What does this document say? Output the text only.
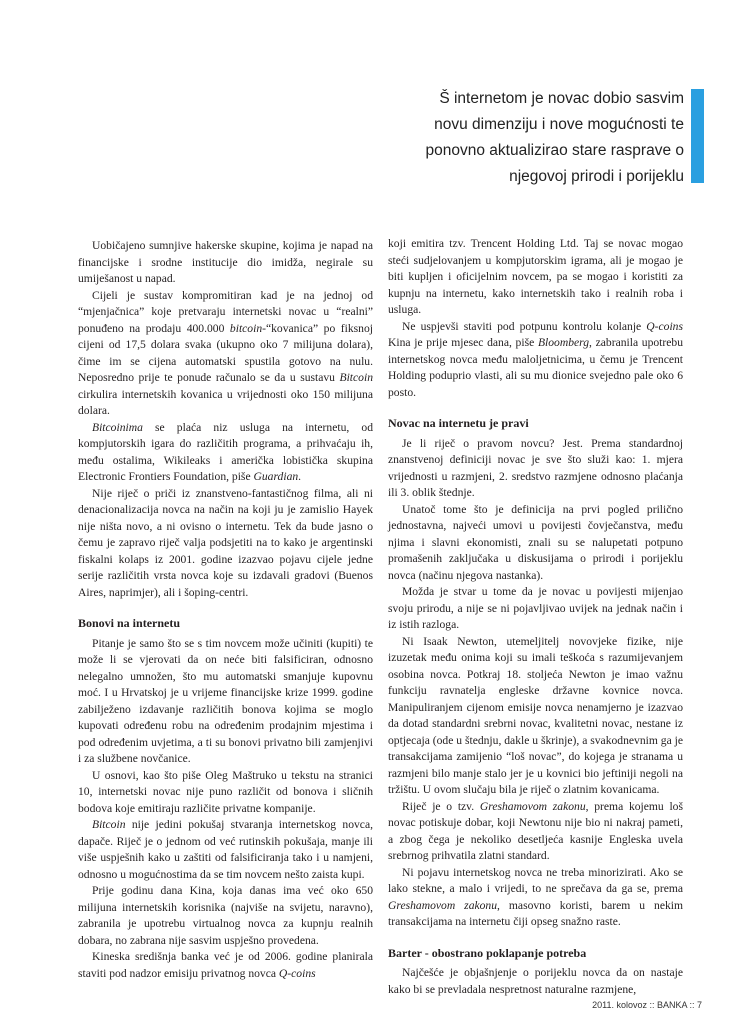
Š internetom je novac dobio sasvim
novu dimenziju i nove mogućnosti te
ponovno aktualizirao stare rasprave o
njegovoj prirodi i porijeklu

Uobičajeno sumnjive hakerske skupine, kojima je napad na financijske i srodne institucije dio imidža, negirale su umiješanost u napad.

Cijeli je sustav kompromitiran kad je na jednoj od “mjenjačnica” koje pretvaraju internetski novac u “realni” ponuđeno na prodaju 400.000 bitcoin-“kovanica” po fiksnoj cijeni od 17,5 dolara svaka (ukupno oko 7 milijuna dolara), čime im se cijena automatski spustila gotovo na nulu. Neposredno prije te ponude računalo se da u sustavu Bitcoin cirkulira internetskih kovanica u vrijednosti oko 150 milijuna dolara.

Bitcoinima se plaća niz usluga na internetu, od kompjutorskih igara do različitih programa, a prihvaćaju ih, među ostalima, Wikileaks i američka lobistička skupina Electronic Frontiers Foundation, piše Guardian.

Nije riječ o priči iz znanstveno-fantastičnog filma, ali ni denacionalizacija novca na način na koji ju je zamislio Hayek nije ništa novo, a ni ovisno o internetu. Tek da bude jasno o čemu je zapravo riječ valja podsjetiti na to kako je argentinski fiskalni kolaps iz 2001. godine izazvao pojavu cijele jedne serije različitih vrsta novca koje su izdavali gradovi (Buenos Aires, naprimjer), ali i šoping-centri.

Bonovi na internetu

Pitanje je samo što se s tim novcem može učiniti (kupiti) te može li se vjerovati da on neće biti falsificiran, odnosno nelegalno umnožen, što mu automatski smanjuje kupovnu moć. I u Hrvatskoj je u vrijeme financijske krize 1999. godine zabilježeno izdavanje različitih bonova kojima se moglo kupovati određenu robu na određenim prodajnim mjestima i pod određenim uvjetima, a ti su bonovi privatno bili zamjenjivi i za službene novčanice.

U osnovi, kao što piše Oleg Maštruko u tekstu na stranici 10, internetski novac nije puno različit od bonova i sličnih bodova koje emitiraju različite privatne kompanije.

Bitcoin nije jedini pokušaj stvaranja internetskog novca, dapače. Riječ je o jednom od već rutinskih pokušaja, manje ili više uspješnih kako u zaštiti od falsificiranja tako i u namjeni, odnosno u mogućnostima da se tim novcem nešto zaista kupi.

Prije godinu dana Kina, koja danas ima već oko 650 milijuna internetskih korisnika (najviše na svijetu, naravno), zabranila je upotrebu virtualnog novca za kupnju realnih dobara, no zabrana nije sasvim uspješno provedena.

Kineska središnja banka već je od 2006. godine planirala staviti pod nadzor emisiju privatnog novca Q-coins

koji emitira tzv. Trencent Holding Ltd. Taj se novac mogao steći sudjelovanjem u kompjutorskim igrama, ali je mogao je biti kupljen i oficijelnim novcem, pa se mogao i koristiti za kupnju na internetu, kako internetskih tako i realnih roba i usluga.

Ne uspjevši staviti pod potpunu kontrolu kolanje Q-coins Kina je prije mjesec dana, piše Bloomberg, zabranila upotrebu internetskog novca među maloljetnicima, u čemu je Trencent Holding poduprio vlasti, ali su mu dionice svejedno pale oko 6 posto.

Novac na internetu je pravi

Je li riječ o pravom novcu? Jest. Prema standardnoj znanstvenoj definiciji novac je sve što služi kao: 1. mjera vrijednosti u razmjeni, 2. sredstvo razmjene odnosno plaćanja ili 3. oblik štednje.

Unatoč tome što je definicija na prvi pogled prilično jednostavna, najveći umovi u povijesti čovječanstva, među njima i slavni ekonomisti, znali su se nalupetati potpuno promašenih zaključaka u diskusijama o prirodi i porijeklu novca (načinu njegova nastanka).

Možda je stvar u tome da je novac u povijesti mijenjao svoju prirodu, a nije se ni pojavljivao uvijek na jednak način i iz istih razloga.

Ni Isaak Newton, utemeljitelj novovjeke fizike, nije izuzetak među onima koji su imali teškoća s razumijevanjem osobina novca. Potkraj 18. stoljeća Newton je imao važnu funkciju ravnatelja engleske državne kovnice novca. Manipuliranjem cijenom emisije novca nenamjerno je izazvao da dotad standardni srebrni novac, kvalitetni novac, nestane iz optjecaja (ode u štednju, dakle u škrinje), a svakodnevnim ga je transakcijama zamijenio “loš novac”, do kojega je stranama u razmjeni bilo manje stalo jer je u kovnici bio jeftiniji negoli na tržištu. U ovom slučaju bila je riječ o zlatnim kovanicama.

Riječ je o tzv. Greshamovom zakonu, prema kojemu loš novac potiskuje dobar, koji Newtonu nije bio ni nakraj pameti, a zbog čega je nekoliko desetljeća kasnije Engleska uvela srebrnog prihvatila zlatni standard.

Ni pojavu internetskog novca ne treba minorizirati. Ako se lako stekne, a malo i vrijedi, to ne sprečava da ga se, prema Greshamovom zakonu, masovno koristi, barem u nekim transakcijama na internetu čiji opseg snažno raste.

Barter - obostrano poklapanje potreba

Najčešće je objašnjenje o porijeklu novca da on nastaje kako bi se prevladala nespretnost naturalne razmjene,

2011. kolovoz :: BANKA :: 7
